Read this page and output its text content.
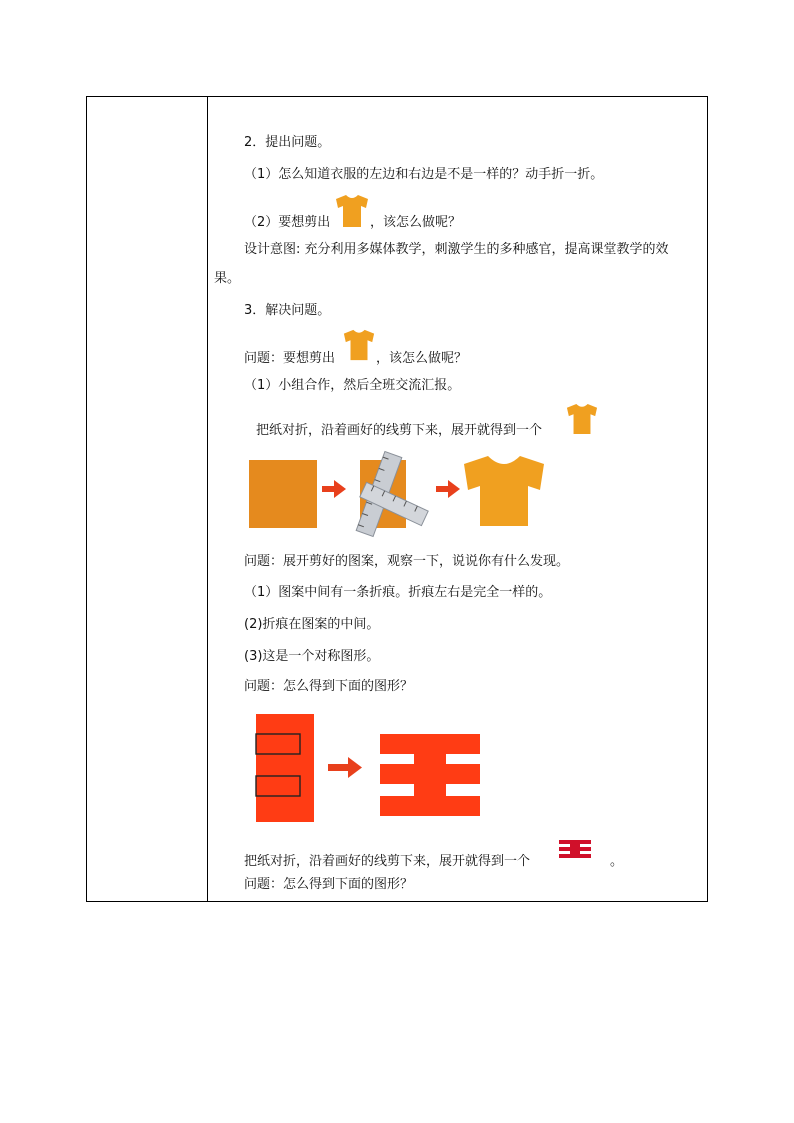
2．提出问题。
（1）怎么知道衣服的左边和右边是不是一样的？动手折一折。
（2）要想剪出	，该怎么做呢？
设计意图: 充分利用多媒体教学，刺激学生的多种感官，提高课堂教学的效
果。
3．解决问题。
问题：要想剪出	，该怎么做呢？
（1）小组合作，然后全班交流汇报。
把纸对折，沿着画好的线剪下来，展开就得到一个
问题：展开剪好的图案，观察一下，说说你有什么发现。
（1）图案中间有一条折痕。折痕左右是完全一样的。
(2)折痕在图案的中间。
(3)这是一个对称图形。
问题：怎么得到下面的图形？
把纸对折，沿着画好的线剪下来，展开就得到一个	。
问题：怎么得到下面的图形？
